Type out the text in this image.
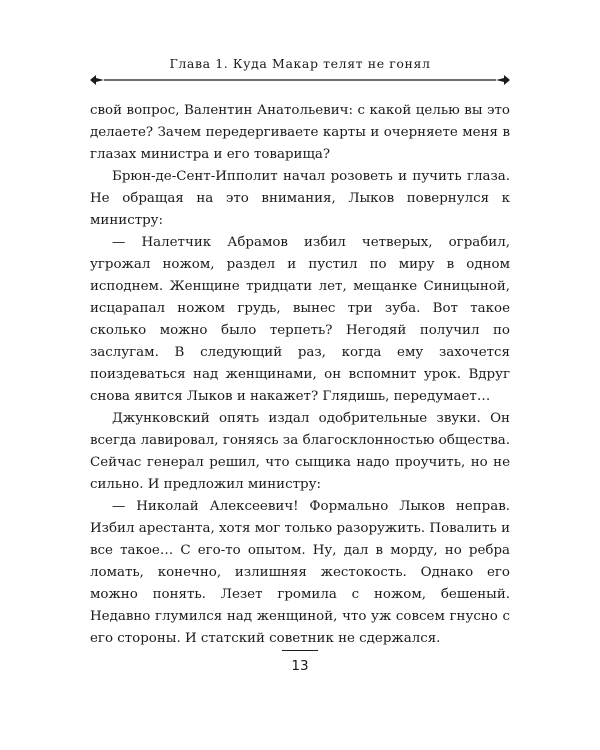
Глава 1. Куда Макар телят не гонял

свой вопрос, Валентин Анатольевич: с какой целью вы это делаете? Зачем передергиваете карты и очерняете меня в глазах министра и его товарища?

Брюн-де-Сент-Ипполит начал розоветь и пучить глаза. Не обращая на это внимания, Лыков повернулся к министру:

— Налетчик Абрамов избил четверых, ограбил, угрожал ножом, раздел и пустил по миру в одном исподнем. Женщине тридцати лет, мещанке Синицыной, исцарапал ножом грудь, вынес три зуба. Вот такое сколько можно было терпеть? Негодяй получил по заслугам. В следующий раз, когда ему захочется поиздеваться над женщинами, он вспомнит урок. Вдруг снова явится Лыков и накажет? Глядишь, передумает…

Джунковский опять издал одобрительные звуки. Он всегда лавировал, гоняясь за благосклонностью общества. Сейчас генерал решил, что сыщика надо проучить, но не сильно. И предложил министру:

— Николай Алексеевич! Формально Лыков неправ. Избил арестанта, хотя мог только разоружить. Повалить и все такое… С его-то опытом. Ну, дал в морду, но ребра ломать, конечно, излишняя жестокость. Однако его можно понять. Лезет громила с ножом, бешеный. Недавно глумился над женщиной, что уж совсем гнусно с его стороны. И статский советник не сдержался.

13
